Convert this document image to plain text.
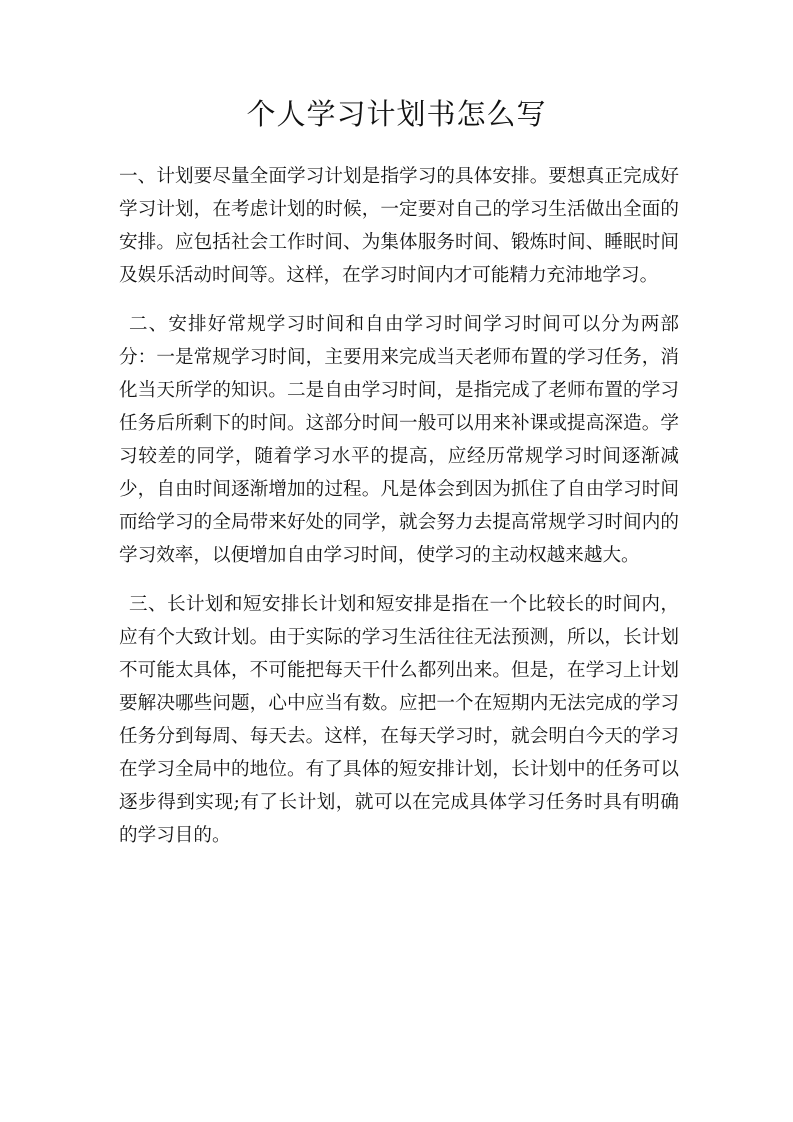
个人学习计划书怎么写

一、计划要尽量全面学习计划是指学习的具体安排。要想真正完成好学习计划，在考虑计划的时候，一定要对自己的学习生活做出全面的安排。应包括社会工作时间、为集体服务时间、锻炼时间、睡眠时间及娱乐活动时间等。这样，在学习时间内才可能精力充沛地学习。

二、安排好常规学习时间和自由学习时间学习时间可以分为两部分：一是常规学习时间，主要用来完成当天老师布置的学习任务，消化当天所学的知识。二是自由学习时间，是指完成了老师布置的学习任务后所剩下的时间。这部分时间一般可以用来补课或提高深造。学习较差的同学，随着学习水平的提高，应经历常规学习时间逐渐减少，自由时间逐渐增加的过程。凡是体会到因为抓住了自由学习时间而给学习的全局带来好处的同学，就会努力去提高常规学习时间内的学习效率，以便增加自由学习时间，使学习的主动权越来越大。

三、长计划和短安排长计划和短安排是指在一个比较长的时间内，应有个大致计划。由于实际的学习生活往往无法预测，所以，长计划不可能太具体，不可能把每天干什么都列出来。但是，在学习上计划要解决哪些问题，心中应当有数。应把一个在短期内无法完成的学习任务分到每周、每天去。这样，在每天学习时，就会明白今天的学习在学习全局中的地位。有了具体的短安排计划，长计划中的任务可以逐步得到实现;有了长计划，就可以在完成具体学习任务时具有明确的学习目的。
